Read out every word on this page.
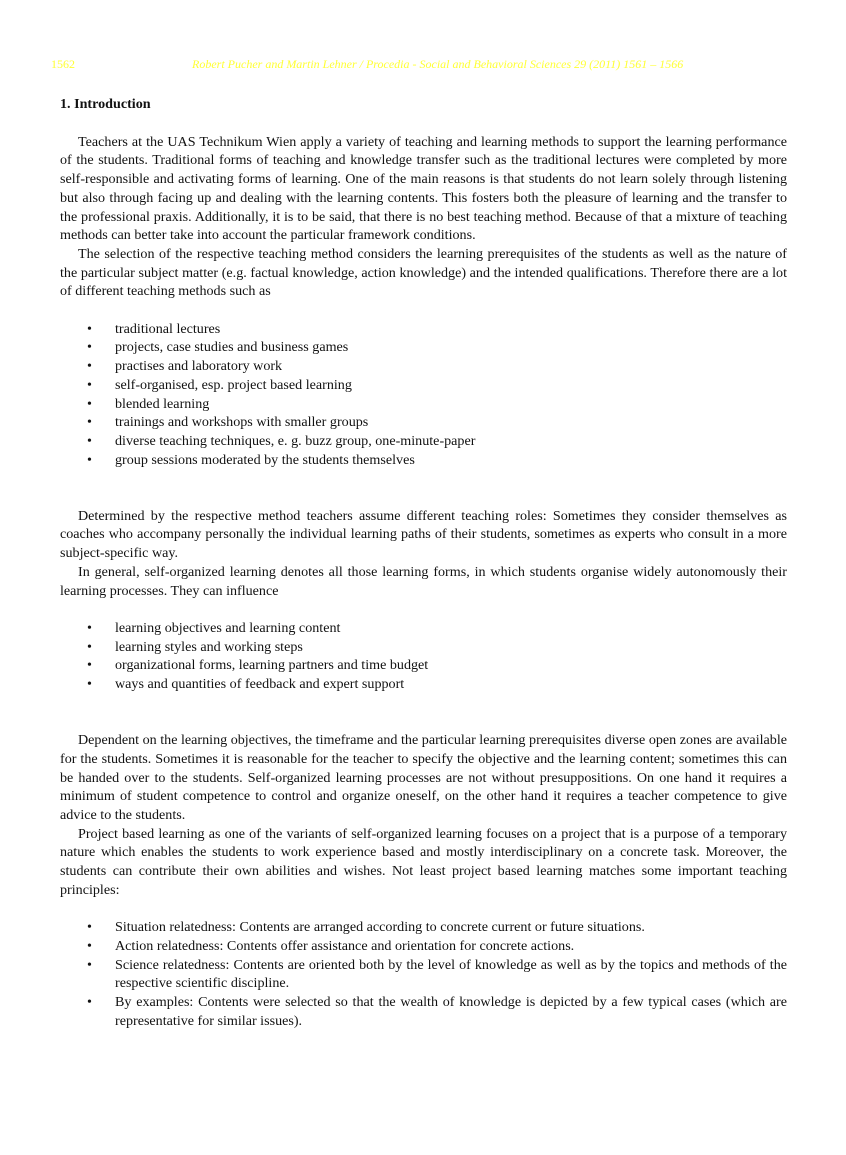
1562	Robert Pucher and Martin Lehner / Procedia - Social and Behavioral Sciences 29 (2011) 1561 – 1566
1. Introduction

Teachers at the UAS Technikum Wien apply a variety of teaching and learning methods to support the learning performance of the students. Traditional forms of teaching and knowledge transfer such as the traditional lectures were completed by more self-responsible and activating forms of learning. One of the main reasons is that students do not learn solely through listening but also through facing up and dealing with the learning contents. This fosters both the pleasure of learning and the transfer to the professional praxis. Additionally, it is to be said, that there is no best teaching method. Because of that a mixture of teaching methods can better take into account the particular framework conditions.

The selection of the respective teaching method considers the learning prerequisites of the students as well as the nature of the particular subject matter (e.g. factual knowledge, action knowledge) and the intended qualifications. Therefore there are a lot of different teaching methods such as

• traditional lectures
• projects, case studies and business games
• practises and laboratory work
• self-organised, esp. project based learning
• blended learning
• trainings and workshops with smaller groups
• diverse teaching techniques, e. g. buzz group, one-minute-paper
• group sessions moderated by the students themselves

Determined by the respective method teachers assume different teaching roles: Sometimes they consider themselves as coaches who accompany personally the individual learning paths of their students, sometimes as experts who consult in a more subject-specific way.

In general, self-organized learning denotes all those learning forms, in which students organise widely autonomously their learning processes. They can influence

• learning objectives and learning content
• learning styles and working steps
• organizational forms, learning partners and time budget
• ways and quantities of feedback and expert support

Dependent on the learning objectives, the timeframe and the particular learning prerequisites diverse open zones are available for the students. Sometimes it is reasonable for the teacher to specify the objective and the learning content; sometimes this can be handed over to the students. Self-organized learning processes are not without presuppositions. On one hand it requires a minimum of student competence to control and organize oneself, on the other hand it requires a teacher competence to give advice to the students.

Project based learning as one of the variants of self-organized learning focuses on a project that is a purpose of a temporary nature which enables the students to work experience based and mostly interdisciplinary on a concrete task. Moreover, the students can contribute their own abilities and wishes. Not least project based learning matches some important teaching principles:

• Situation relatedness: Contents are arranged according to concrete current or future situations.
• Action relatedness: Contents offer assistance and orientation for concrete actions.
• Science relatedness: Contents are oriented both by the level of knowledge as well as by the topics and methods of the respective scientific discipline.
• By examples: Contents were selected so that the wealth of knowledge is depicted by a few typical cases (which are representative for similar issues).
